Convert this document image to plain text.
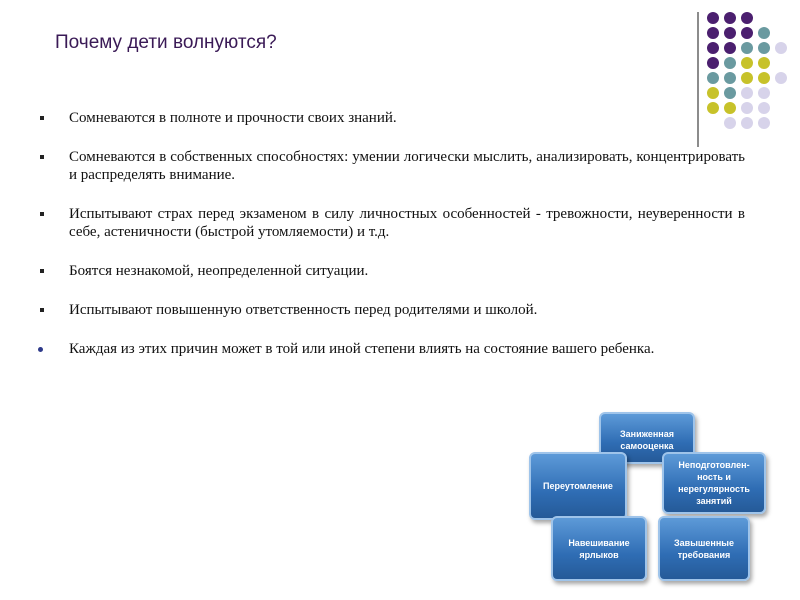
Почему дети волнуются?
Сомневаются в полноте и прочности своих знаний.
Сомневаются в собственных способностях: умении логически мыслить, анализировать, концентрировать и распределять внимание.
Испытывают страх перед экзаменом в силу личностных особенностей - тревожности, неуверенности в себе, астеничности (быстрой утомляемости) и т.д.
Боятся незнакомой, неопределенной ситуации.
Испытывают повышенную ответственность перед родителями и школой.
Каждая из этих причин может в той или иной степени влиять на состояние вашего ребенка.
Заниженная самооценка
Переутомление
Неподготовлен-ность и нерегулярность занятий
Навешивание ярлыков
Завышенные требования
